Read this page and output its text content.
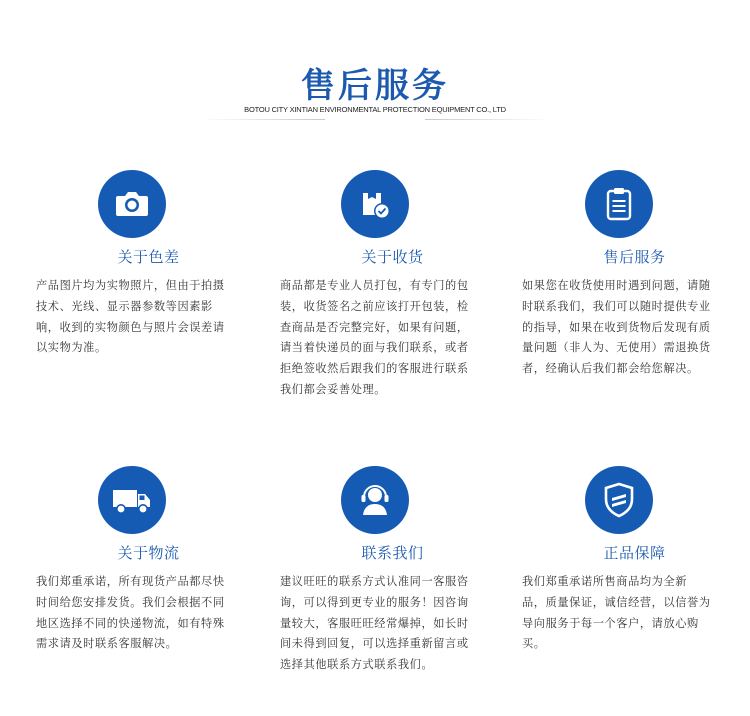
售后服务
BOTOU CITY XINTIAN ENVIRONMENTAL PROTECTION EQUIPMENT CO., LTD
关于色差
产品图片均为实物照片，但由于拍摄
技术、光线、显示器参数等因素影
响，收到的实物颜色与照片会误差请
以实物为准。
关于收货
商品都是专业人员打包，有专门的包
装，收货签名之前应该打开包装，检
查商品是否完整完好，如果有问题，
请当着快递员的面与我们联系，或者
拒绝签收然后跟我们的客服进行联系
我们都会妥善处理。
售后服务
如果您在收货使用时遇到问题，请随
时联系我们，我们可以随时提供专业
的指导，如果在收到货物后发现有质
量问题（非人为、无使用）需退换货
者，经确认后我们都会给您解决。
关于物流
我们郑重承诺，所有现货产品都尽快
时间给您安排发货。我们会根据不同
地区选择不同的快递物流，如有特殊
需求请及时联系客服解决。
联系我们
建议旺旺的联系方式认准同一客服咨
询，可以得到更专业的服务！因咨询
量较大，客服旺旺经常爆掉，如长时
间未得到回复，可以选择重新留言或
选择其他联系方式联系我们。
正品保障
我们郑重承诺所售商品均为全新
品，质量保证，诚信经营，以信誉为
导向服务于每一个客户，请放心购
买。
